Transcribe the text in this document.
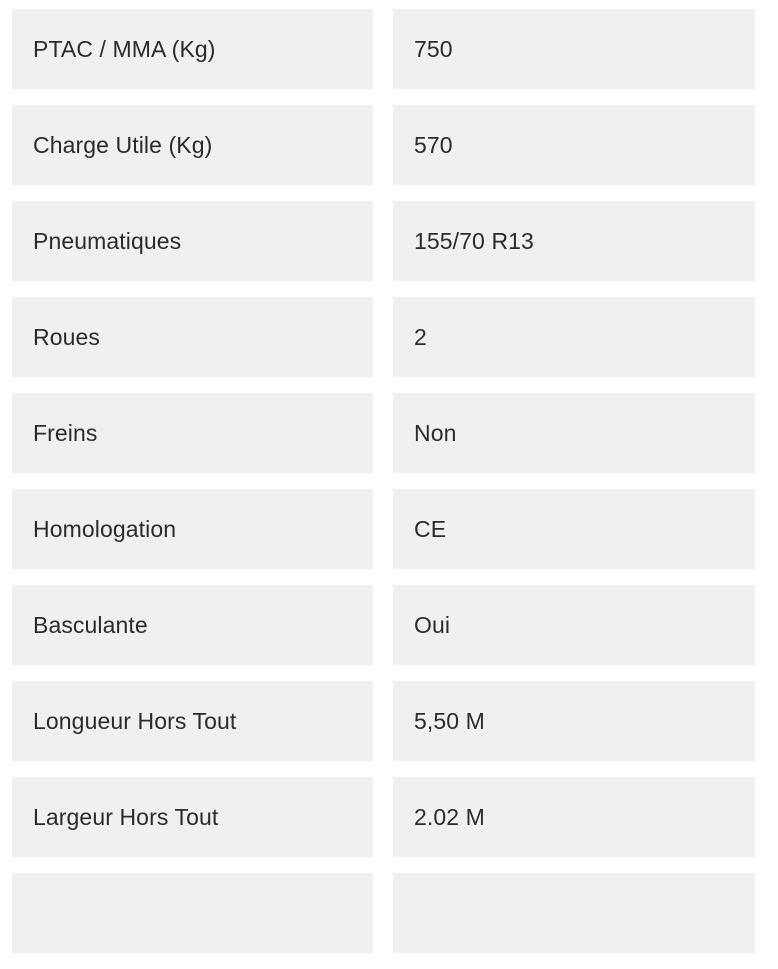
PTAC / MMA (Kg)	750
Charge Utile (Kg)	570
Pneumatiques	155/70 R13
Roues	2
Freins	Non
Homologation	CE
Basculante	Oui
Longueur Hors Tout	5,50 M
Largeur Hors Tout	2.02 M
